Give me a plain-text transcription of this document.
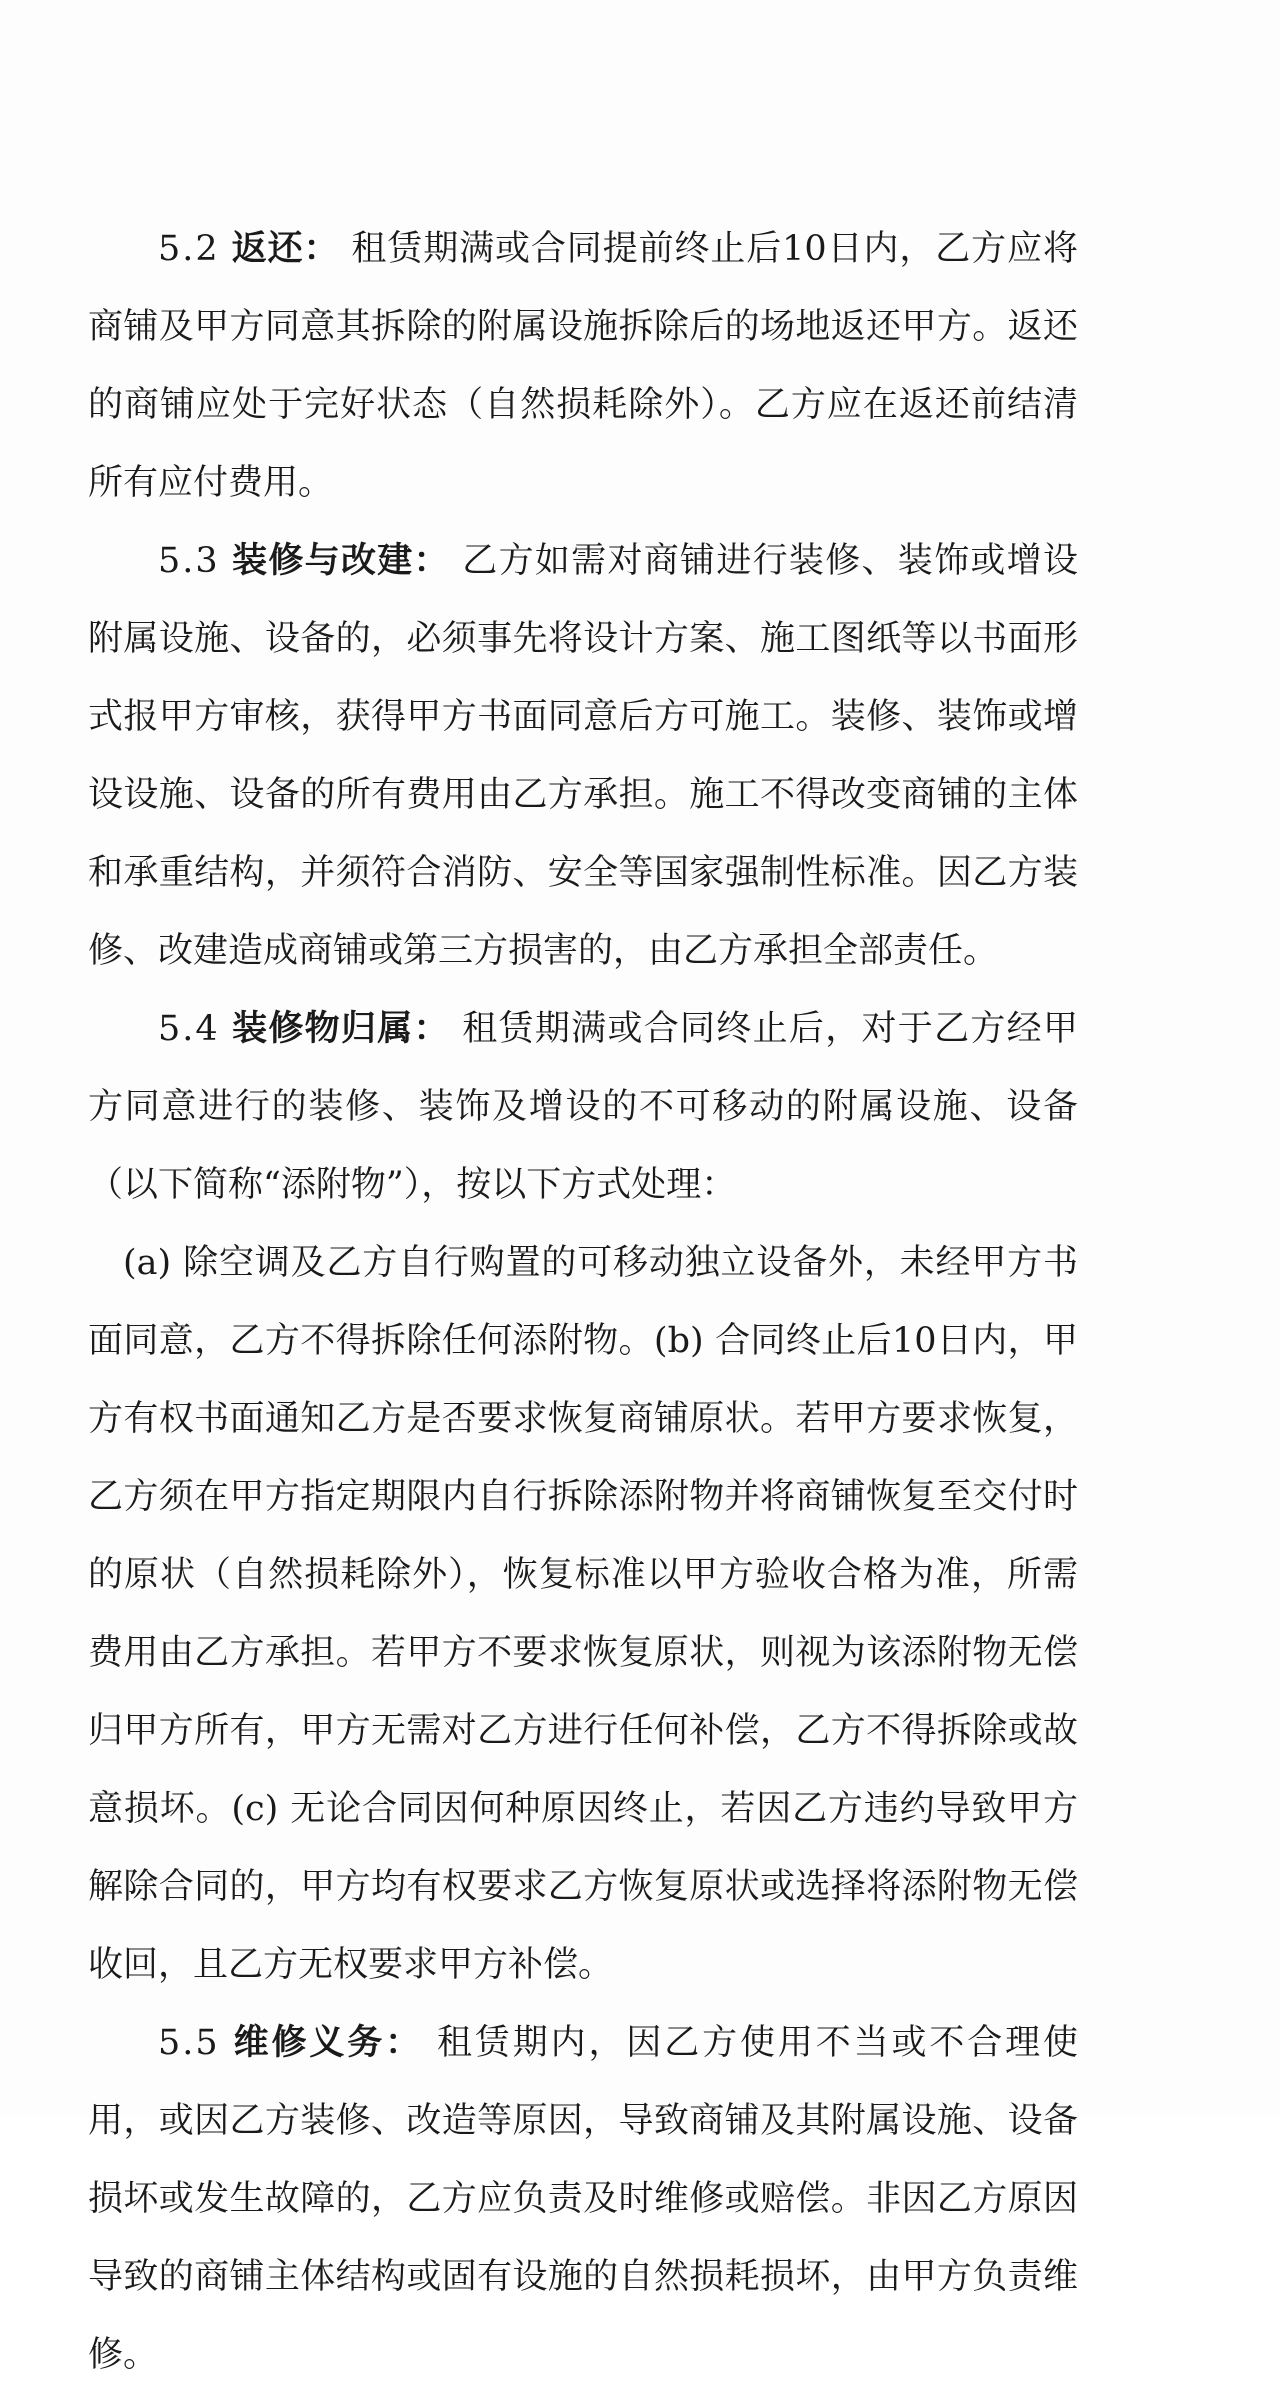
5.2 返还： 租赁期满或合同提前终止后10日内，乙方应将商铺及甲方同意其拆除的附属设施拆除后的场地返还甲方。返还的商铺应处于完好状态（自然损耗除外）。乙方应在返还前结清所有应付费用。

5.3 装修与改建： 乙方如需对商铺进行装修、装饰或增设附属设施、设备的，必须事先将设计方案、施工图纸等以书面形式报甲方审核，获得甲方书面同意后方可施工。装修、装饰或增设设施、设备的所有费用由乙方承担。施工不得改变商铺的主体和承重结构，并须符合消防、安全等国家强制性标准。因乙方装修、改建造成商铺或第三方损害的，由乙方承担全部责任。

5.4 装修物归属： 租赁期满或合同终止后，对于乙方经甲方同意进行的装修、装饰及增设的不可移动的附属设施、设备（以下简称“添附物”），按以下方式处理：

(a) 除空调及乙方自行购置的可移动独立设备外，未经甲方书面同意，乙方不得拆除任何添附物。(b) 合同终止后10日内，甲方有权书面通知乙方是否要求恢复商铺原状。若甲方要求恢复，乙方须在甲方指定期限内自行拆除添附物并将商铺恢复至交付时的原状（自然损耗除外），恢复标准以甲方验收合格为准，所需费用由乙方承担。若甲方不要求恢复原状，则视为该添附物无偿归甲方所有，甲方无需对乙方进行任何补偿，乙方不得拆除或故意损坏。(c) 无论合同因何种原因终止，若因乙方违约导致甲方解除合同的，甲方均有权要求乙方恢复原状或选择将添附物无偿收回，且乙方无权要求甲方补偿。

5.5 维修义务： 租赁期内，因乙方使用不当或不合理使用，或因乙方装修、改造等原因，导致商铺及其附属设施、设备损坏或发生故障的，乙方应负责及时维修或赔偿。非因乙方原因导致的商铺主体结构或固有设施的自然损耗损坏，由甲方负责维修。
